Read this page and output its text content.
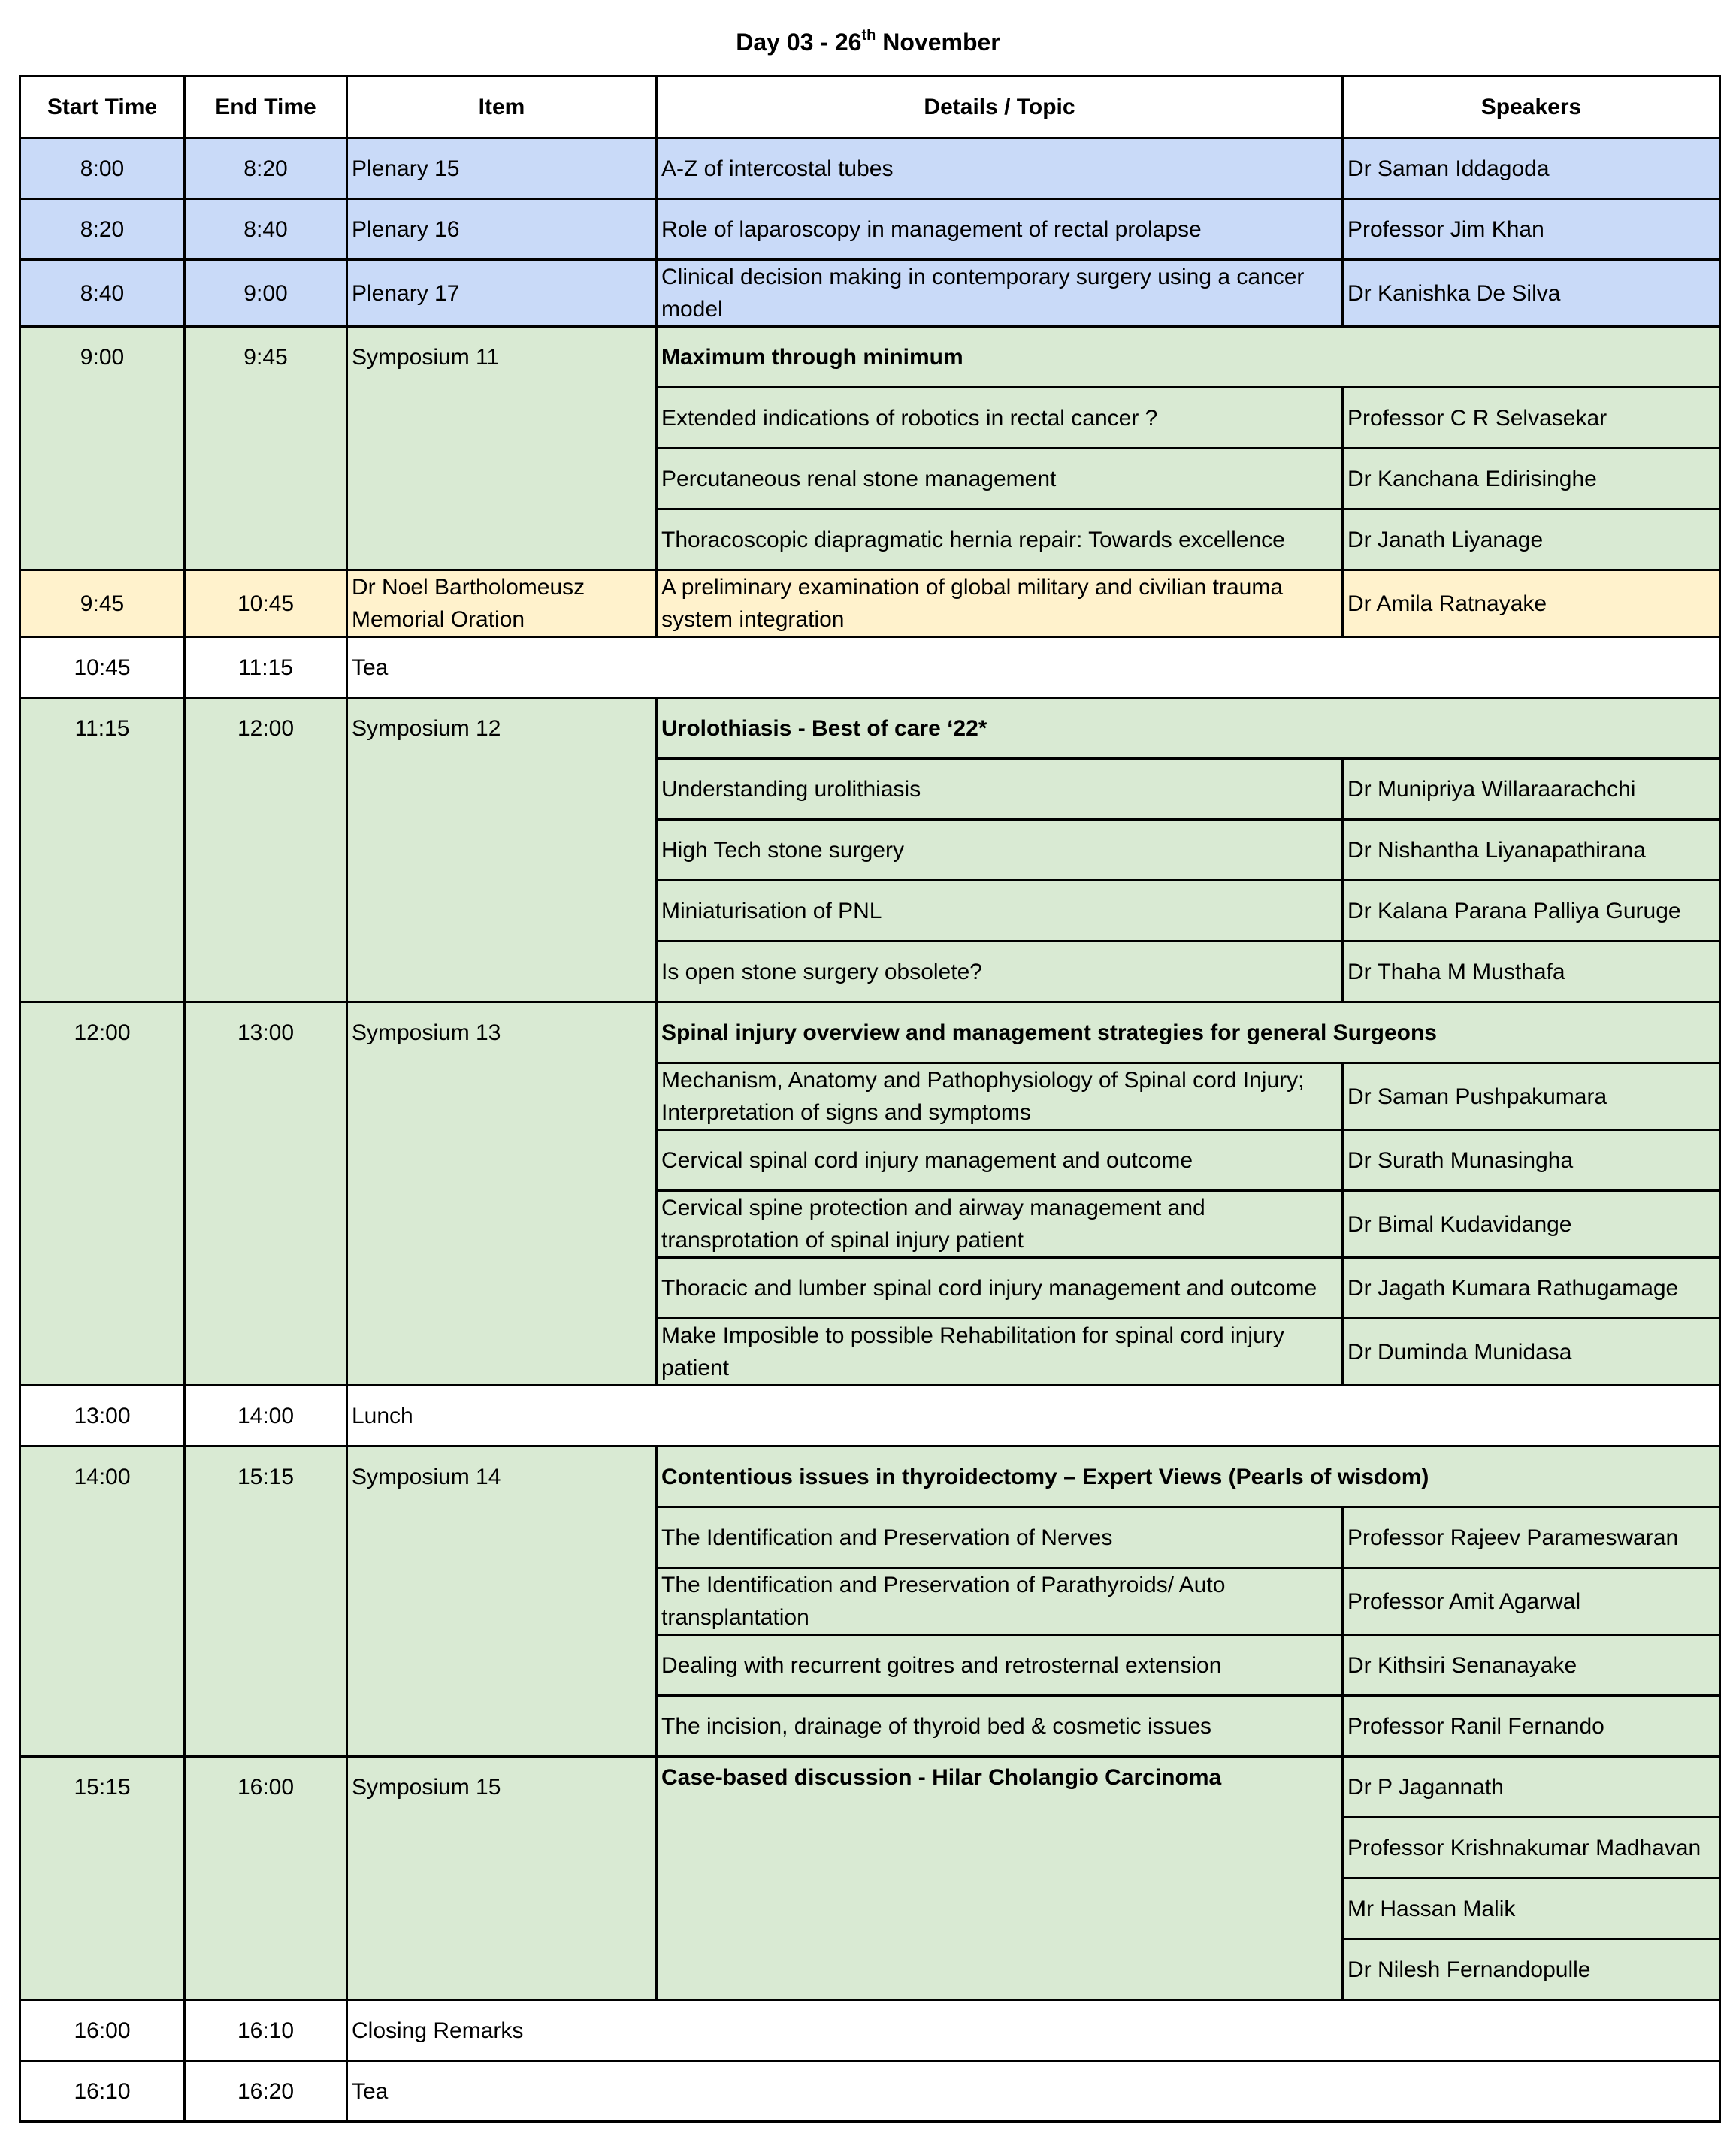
Day 03 - 26th November
Start Time	End Time	Item	Details / Topic	Speakers
8:00	8:20	Plenary 15	A-Z of intercostal tubes	Dr Saman Iddagoda
8:20	8:40	Plenary 16	Role of laparoscopy in management of rectal prolapse	Professor Jim Khan
8:40	9:00	Plenary 17	Clinical decision making in contemporary surgery using a cancer model	Dr Kanishka De Silva
9:00	9:45	Symposium 11	Maximum through minimum	
			Extended indications of robotics in rectal cancer ?	Professor C R Selvasekar
			Percutaneous renal stone management	Dr Kanchana Edirisinghe
			Thoracoscopic diapragmatic hernia repair: Towards excellence	Dr Janath Liyanage
9:45	10:45	Dr Noel Bartholomeusz Memorial Oration	A preliminary examination of global military and civilian trauma system integration	Dr Amila Ratnayake
10:45	11:15	Tea		
11:15	12:00	Symposium 12	Urolothiasis - Best of care ‘22*	
			Understanding urolithiasis	Dr Munipriya Willaraarachchi
			High Tech stone surgery	Dr Nishantha Liyanapathirana
			Miniaturisation of PNL	Dr Kalana Parana Palliya Guruge
			Is open stone surgery obsolete?	Dr Thaha M Musthafa
12:00	13:00	Symposium 13	Spinal injury overview and management strategies for general Surgeons	
			Mechanism, Anatomy and Pathophysiology of Spinal cord Injury; Interpretation of signs and symptoms	Dr Saman Pushpakumara
			Cervical spinal cord injury management and outcome	Dr Surath Munasingha
			Cervical spine protection and airway management and transprotation of spinal injury patient	Dr Bimal Kudavidange
			Thoracic and lumber spinal cord injury management and outcome	Dr Jagath Kumara Rathugamage
			Make Imposible to possible Rehabilitation for spinal cord injury patient	Dr Duminda Munidasa
13:00	14:00	Lunch		
14:00	15:15	Symposium 14	Contentious issues in thyroidectomy – Expert Views (Pearls of wisdom)	
			The Identification and Preservation of Nerves	Professor Rajeev Parameswaran
			The Identification and Preservation of Parathyroids/ Auto transplantation	Professor Amit Agarwal
			Dealing with recurrent goitres and retrosternal extension	Dr Kithsiri Senanayake
			The incision, drainage of thyroid bed & cosmetic issues	Professor Ranil Fernando
15:15	16:00	Symposium 15	Case-based discussion - Hilar Cholangio Carcinoma	Dr P Jagannath
				Professor Krishnakumar Madhavan
				Mr Hassan Malik
				Dr Nilesh Fernandopulle
16:00	16:10	Closing Remarks		
16:10	16:20	Tea		
